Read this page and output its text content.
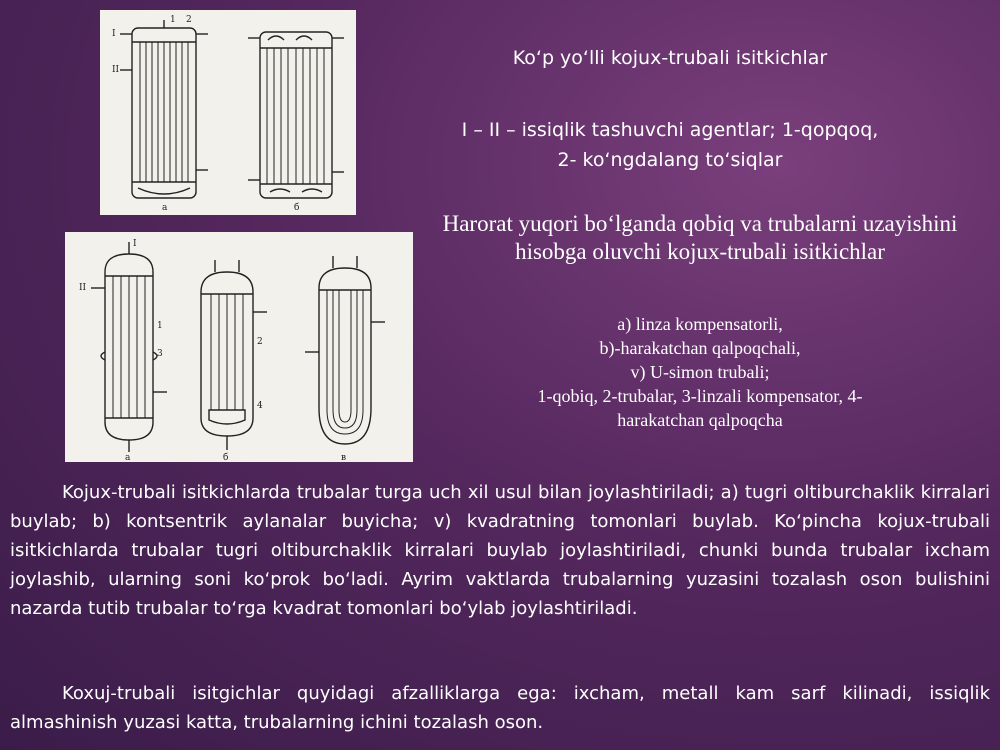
I
II
1 2
a	б
I
II
1
2
3
4
a	б	в
Koʻp yoʻlli kojux-trubali isitkichlar
I – II – issiqlik tashuvchi agentlar; 1-qopqoq,
2- koʻngdalang toʻsiqlar
Harorat yuqori boʻlganda qobiq va trubalarni uzayishini hisobga oluvchi kojux-trubali isitkichlar
a) linza kompensatorli,
b)-harakatchan qalpoqchali,
v) U-simon trubali;
1-qobiq, 2-trubalar, 3-linzali kompensator, 4-
harakatchan qalpoqcha

Kojux-trubali isitkichlarda trubalar turga uch xil usul bilan joylashtiriladi; a) tugri oltiburchaklik kirralari buylab; b) kontsentrik aylanalar buyicha; v) kvadratning tomonlari buylab. Koʻpincha kojux-trubali isitkichlarda trubalar tugri oltiburchaklik kirralari buylab joylashtiriladi, chunki bunda trubalar ixcham joylashib, ularning soni koʻprok boʻladi. Ayrim vaktlarda trubalarning yuzasini tozalash oson bulishini nazarda tutib trubalar toʻrga kvadrat tomonlari boʻylab joylashtiriladi.

Koxuj-trubali isitgichlar quyidagi afzalliklarga ega: ixcham, metall kam sarf kilinadi, issiqlik almashinish yuzasi katta, trubalarning ichini tozalash oson.
